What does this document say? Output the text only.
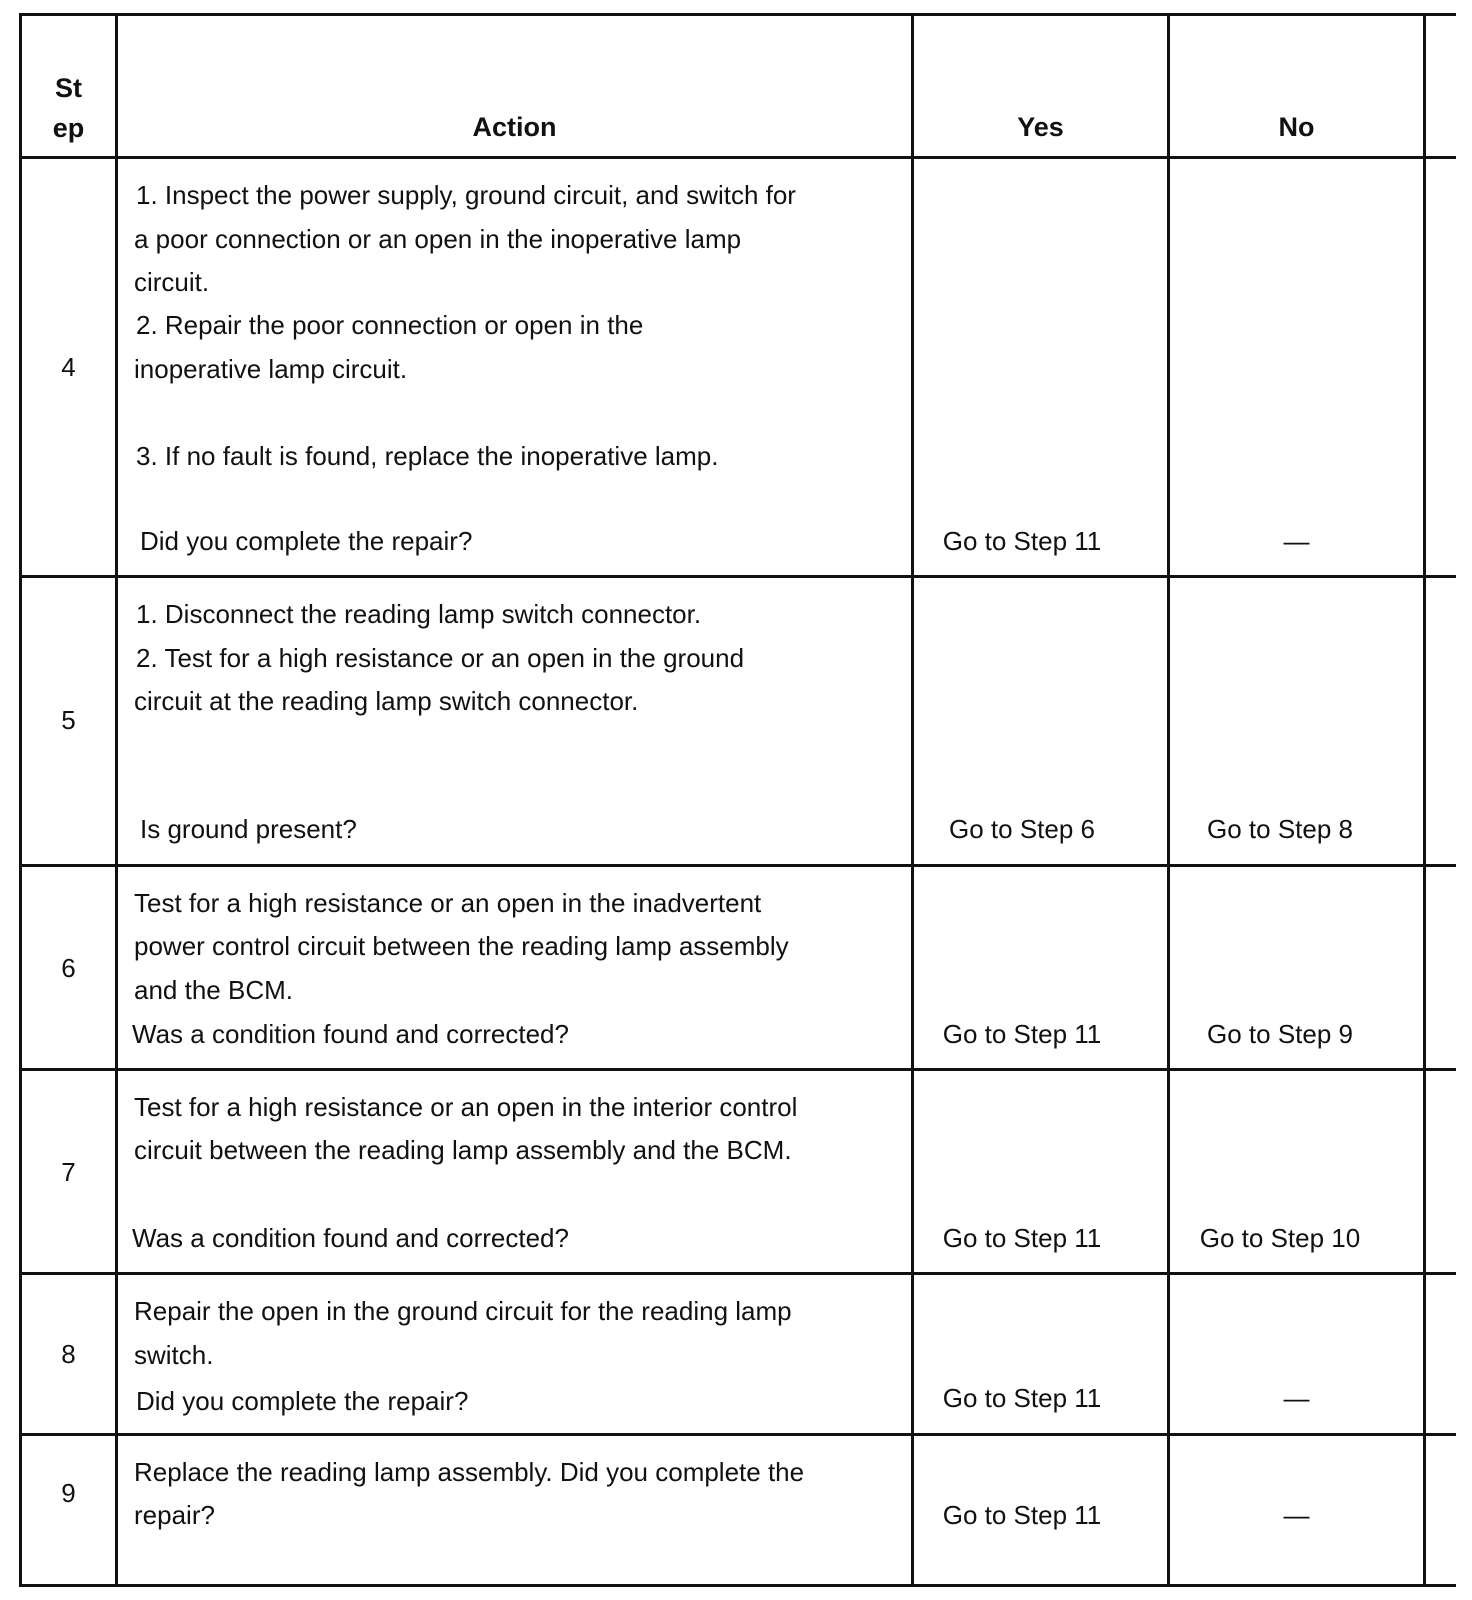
St
ep	Action	Yes	No
4
1. Inspect the power supply, ground circuit, and switch for
a poor connection or an open in the inoperative lamp
circuit.
2. Repair the poor connection or open in the
inoperative lamp circuit.
3. If no fault is found, replace the inoperative lamp.
Did you complete the repair?	Go to Step 11	—
5
1. Disconnect the reading lamp switch connector.
2. Test for a high resistance or an open in the ground
circuit at the reading lamp switch connector.
Is ground present?	Go to Step 6	Go to Step 8
6
Test for a high resistance or an open in the inadvertent
power control circuit between the reading lamp assembly
and the BCM.
Was a condition found and corrected?	Go to Step 11	Go to Step 9
7
Test for a high resistance or an open in the interior control
circuit between the reading lamp assembly and the BCM.
Was a condition found and corrected?	Go to Step 11	Go to Step 10
8
Repair the open in the ground circuit for the reading lamp
switch.
Did you complete the repair?	Go to Step 11	—
9
Replace the reading lamp assembly. Did you complete the
repair?	Go to Step 11	—
